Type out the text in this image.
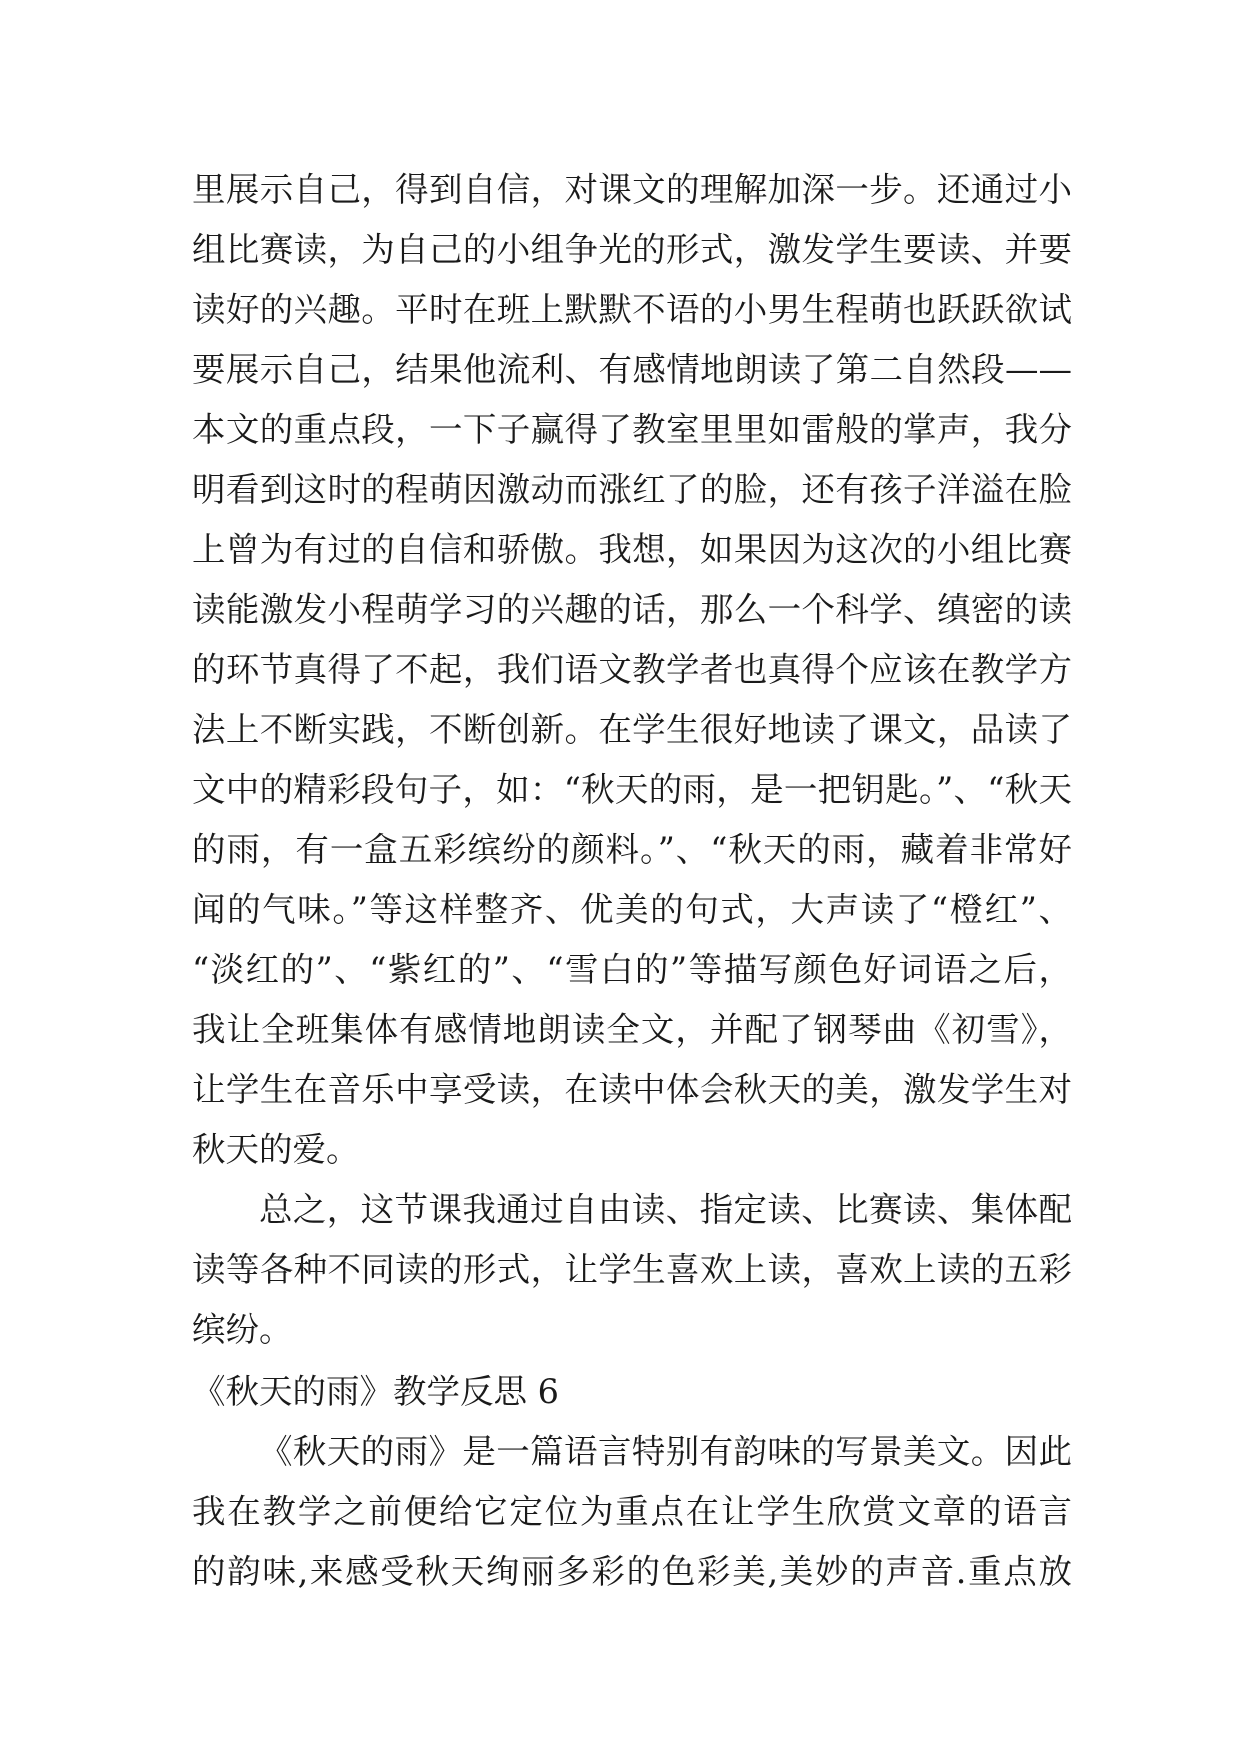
里展示自己，得到自信，对课文的理解加深一步。还通过小
组比赛读，为自己的小组争光的形式，激发学生要读、并要
读好的兴趣。平时在班上默默不语的小男生程萌也跃跃欲试
要展示自己，结果他流利、有感情地朗读了第二自然段——
本文的重点段，一下子赢得了教室里里如雷般的掌声，我分
明看到这时的程萌因激动而涨红了的脸，还有孩子洋溢在脸
上曾为有过的自信和骄傲。我想，如果因为这次的小组比赛
读能激发小程萌学习的兴趣的话，那么一个科学、缜密的读
的环节真得了不起，我们语文教学者也真得个应该在教学方
法上不断实践，不断创新。在学生很好地读了课文，品读了
文中的精彩段句子，如：“秋天的雨，是一把钥匙。”、“秋天
的雨，有一盒五彩缤纷的颜料。”、“秋天的雨，藏着非常好
闻的气味。”等这样整齐、优美的句式，大声读了“橙红”、
“淡红的”、“紫红的”、“雪白的”等描写颜色好词语之后，
我让全班集体有感情地朗读全文，并配了钢琴曲《初雪》，
让学生在音乐中享受读，在读中体会秋天的美，激发学生对
秋天的爱。
总之，这节课我通过自由读、指定读、比赛读、集体配
读等各种不同读的形式，让学生喜欢上读，喜欢上读的五彩
缤纷。
《秋天的雨》教学反思 6
《秋天的雨》是一篇语言特别有韵味的写景美文。因此
我在教学之前便给它定位为重点在让学生欣赏文章的语言
的韵味,来感受秋天绚丽多彩的色彩美,美妙的声音.重点放
